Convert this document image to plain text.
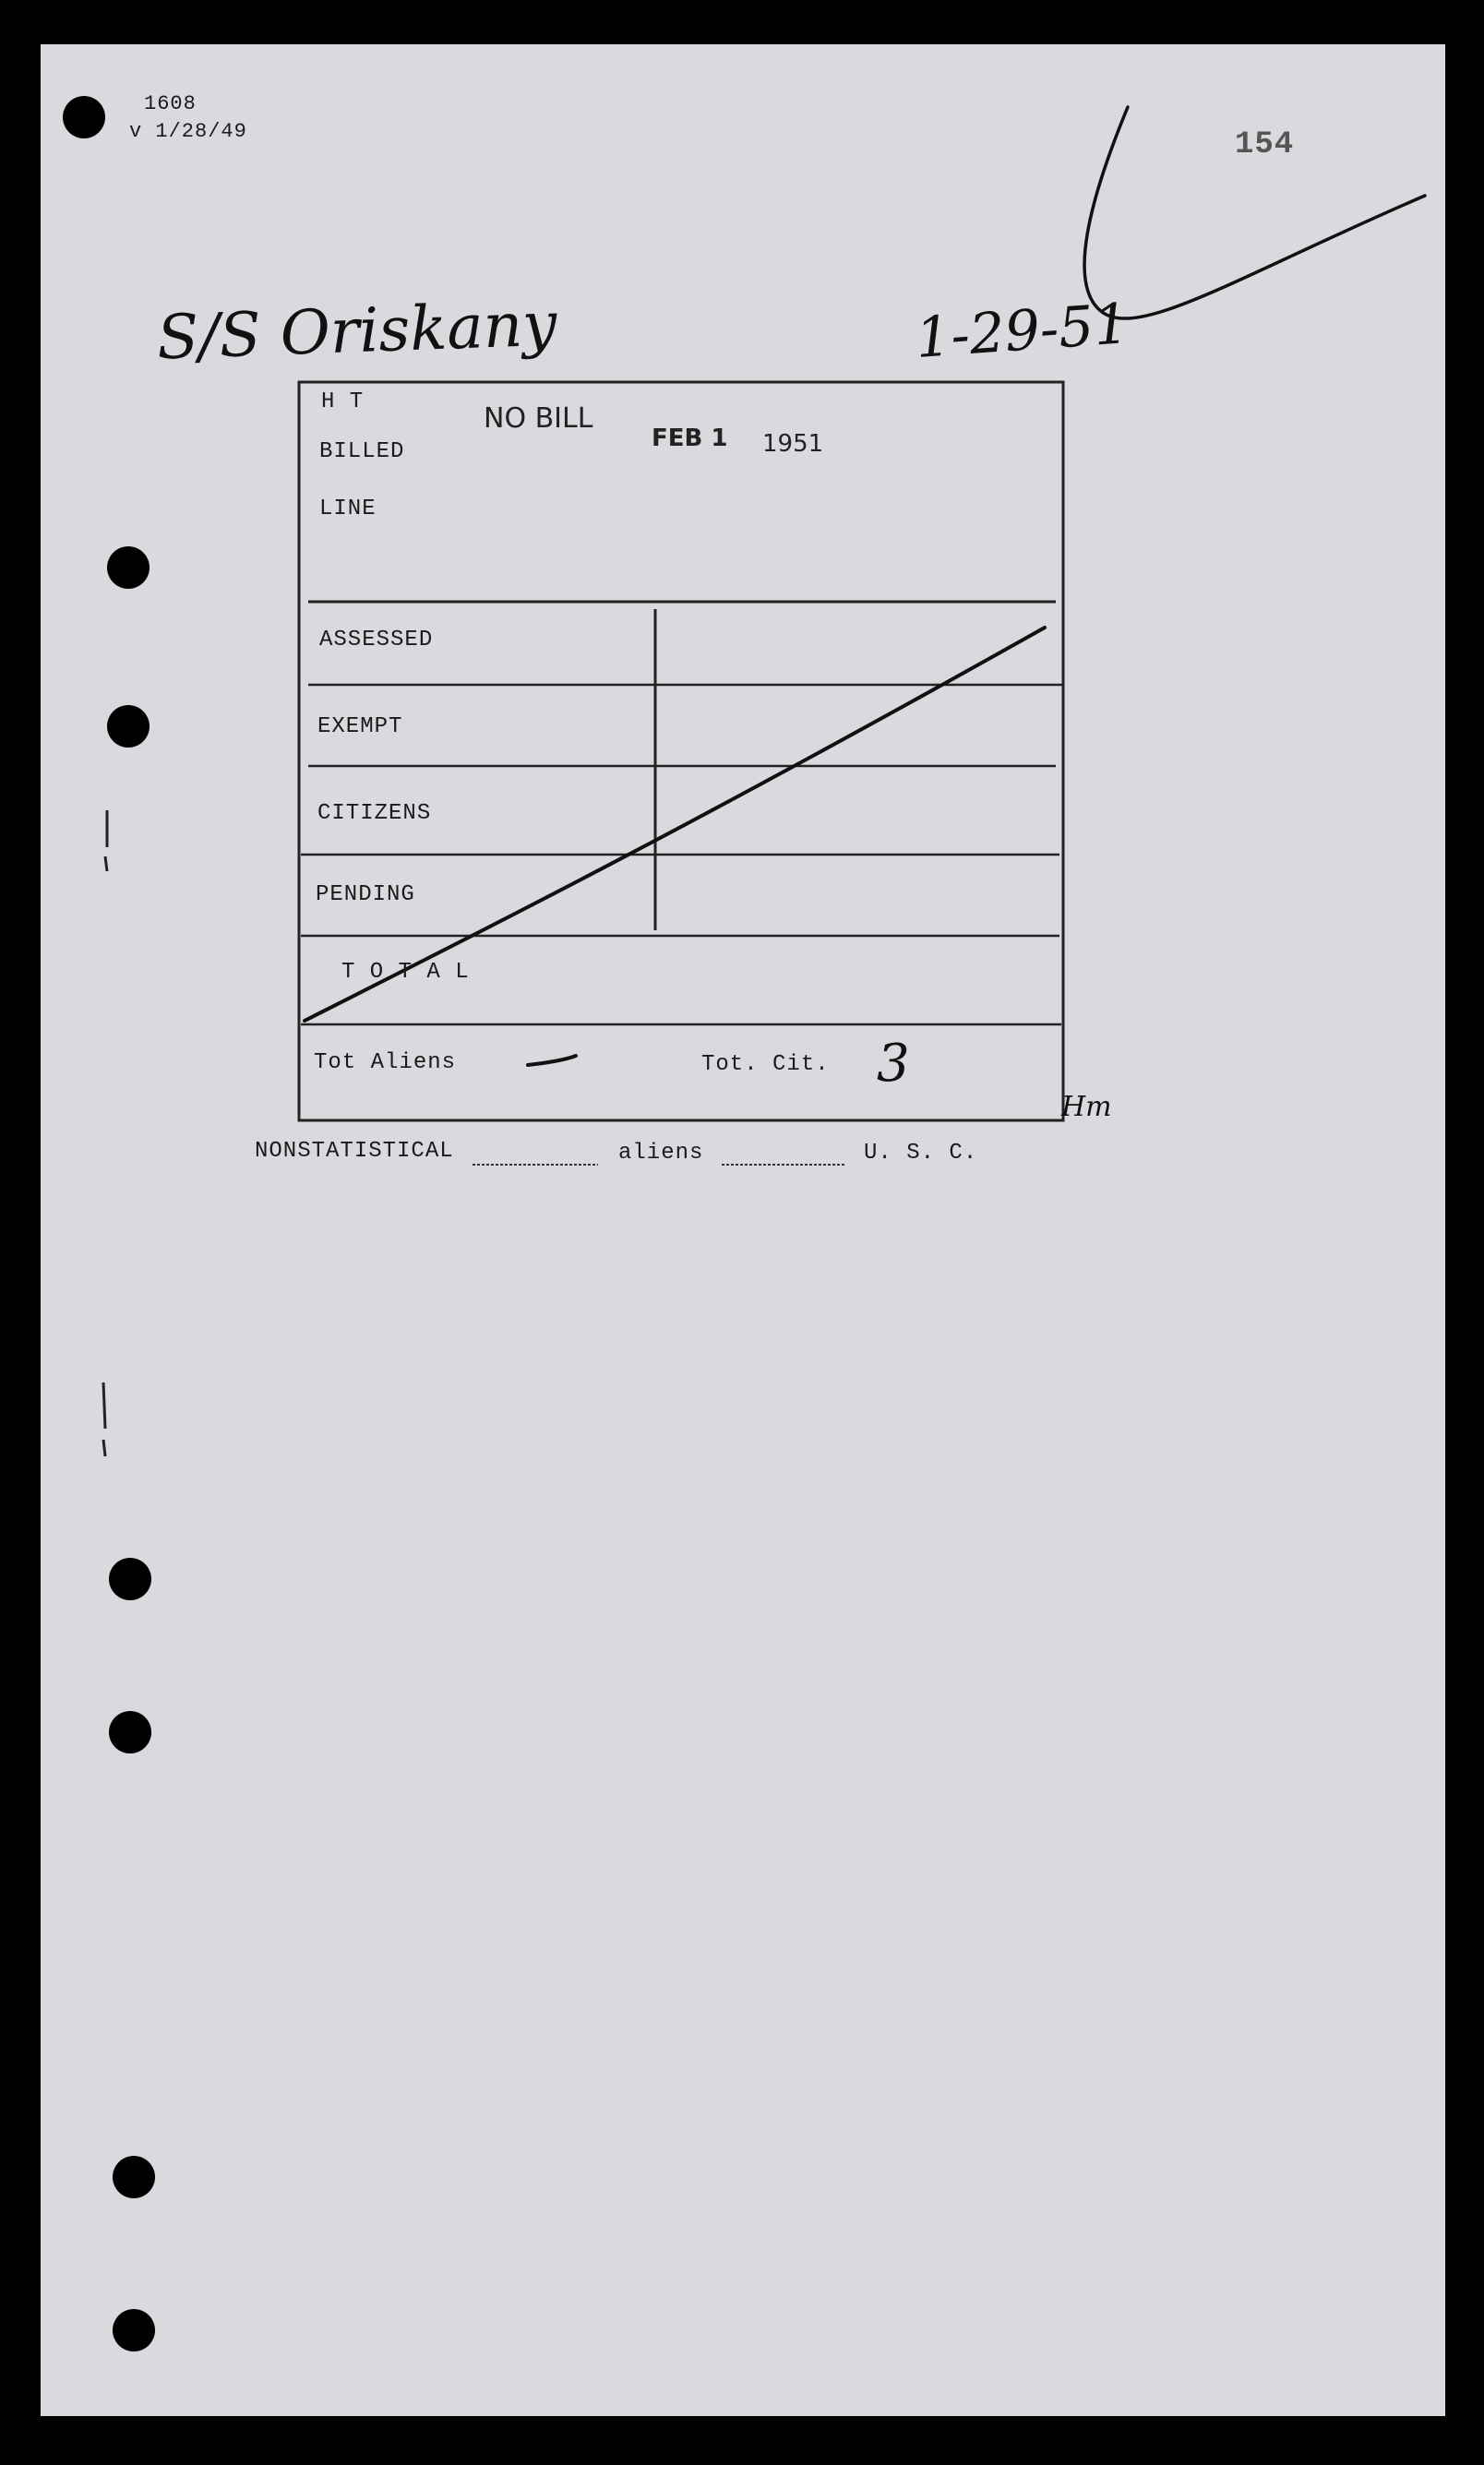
1608
v 1/28/49	154
S/S Oriskany	1-29-51
H T
BILLED
LINE
NO BILL
FEB 1 1951
ASSESSED
EXEMPT
CITIZENS
PENDING
T O T A L
Tot Aliens	Tot. Cit. 3
Hm
NONSTATISTICAL	aliens	U. S. C.
